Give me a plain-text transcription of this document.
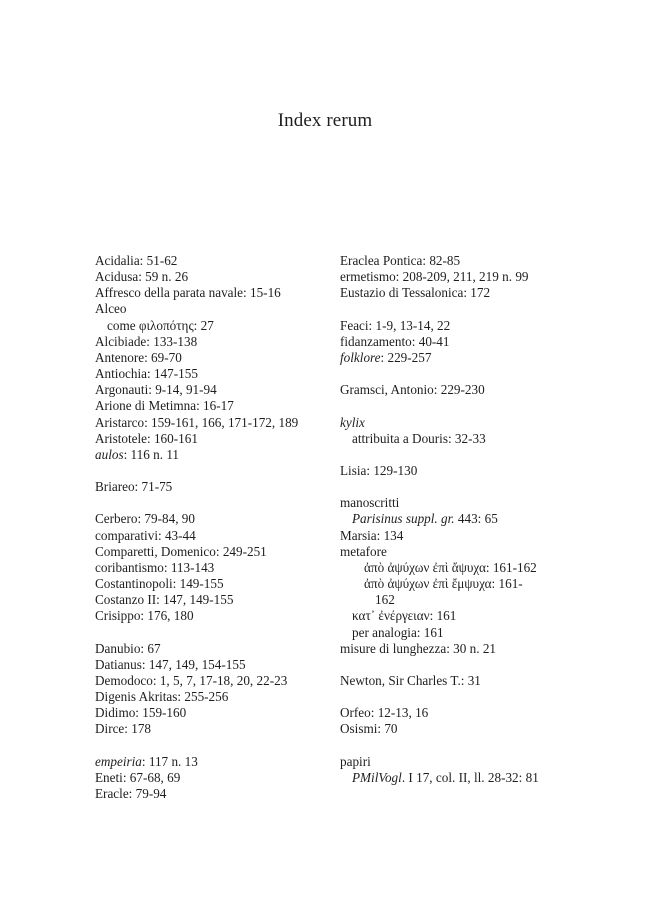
Index rerum
Acidalia: 51-62
Acidusa: 59 n. 26
Affresco della parata navale: 15-16
Alceo
come φιλοπότης: 27
Alcibiade: 133-138
Antenore: 69-70
Antiochia: 147-155
Argonauti: 9-14, 91-94
Arione di Metimna: 16-17
Aristarco: 159-161, 166, 171-172, 189
Aristotele: 160-161
aulos: 116 n. 11
Briareo: 71-75
Cerbero: 79-84, 90
comparativi: 43-44
Comparetti, Domenico: 249-251
coribantismo: 113-143
Costantinopoli: 149-155
Costanzo II: 147, 149-155
Crisippo: 176, 180
Danubio: 67
Datianus: 147, 149, 154-155
Demodoco: 1, 5, 7, 17-18, 20, 22-23
Digenis Akritas: 255-256
Didimo: 159-160
Dirce: 178
empeiria: 117 n. 13
Eneti: 67-68, 69
Eracle: 79-94
Eraclea Pontica: 82-85
ermetismo: 208-209, 211, 219 n. 99
Eustazio di Tessalonica: 172
Feaci: 1-9, 13-14, 22
fidanzamento: 40-41
folklore: 229-257
Gramsci, Antonio: 229-230
kylix
attribuita a Douris: 32-33
Lisia: 129-130
manoscritti
Parisinus suppl. gr. 443: 65
Marsia: 134
metafore
ἀπὸ ἀψύχων ἐπὶ ἄψυχα: 161-162
ἀπὸ ἀψύχων ἐπὶ ἔμψυχα: 161-
162
κατ᾽ ἐνέργειαν: 161
per analogia: 161
misure di lunghezza: 30 n. 21
Newton, Sir Charles T.: 31
Orfeo: 12-13, 16
Osismi: 70
papiri
PMilVogl. I 17, col. II, ll. 28-32: 81
